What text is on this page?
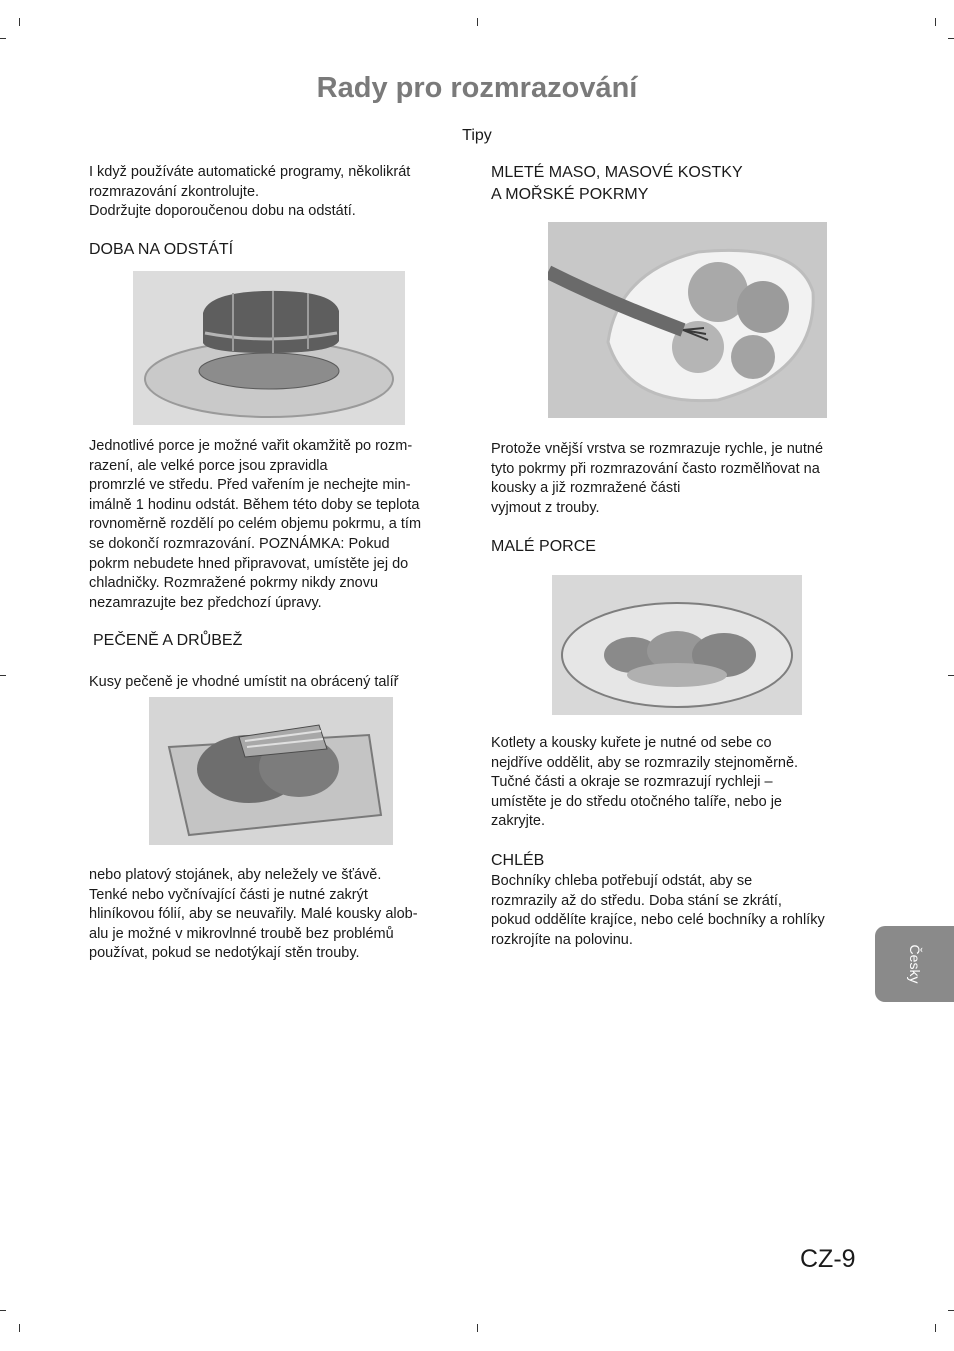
Rady pro rozmrazování
Tipy
I když používáte automatické programy, několikrát
rozmrazování zkontrolujte.
Dodržujte doporoučenou dobu na odstátí.
DOBA NA ODSTÁTÍ
Jednotlivé porce je možné vařit okamžitě po rozm-
razení, ale velké porce jsou zpravidla
promrzlé ve středu. Před vařením je nechejte min-
imálně 1 hodinu odstát. Během této doby se teplota
rovnoměrně rozdělí po celém objemu pokrmu, a tím
se dokončí rozmrazování. POZNÁMKA: Pokud
pokrm nebudete hned připravovat, umístěte jej do
chladničky. Rozmražené pokrmy nikdy znovu
nezamrazujte bez předchozí úpravy.
PEČENĚ A DRŮBEŽ
Kusy pečeně je vhodné umístit na obrácený talíř
nebo platový stojánek, aby neležely ve šťávě.
Tenké nebo vyčnívající části je nutné zakrýt
hliníkovou fólií, aby se neuvařily. Malé kousky alob-
alu je možné v mikrovlnné troubě bez problémů
používat, pokud se nedotýkají stěn trouby.
MLETÉ MASO, MASOVÉ KOSTKY
A MOŘSKÉ POKRMY
Protože vnější vrstva se rozmrazuje rychle, je nutné
tyto pokrmy při rozmrazování často rozmělňovat na
kousky a již rozmražené části
vyjmout z trouby.
MALÉ PORCE
Kotlety a kousky kuřete je nutné od sebe co
nejdříve oddělit, aby se rozmrazily stejnoměrně.
Tučné části a okraje se rozmrazují rychleji –
umístěte je do středu otočného talíře, nebo je
zakryjte.
CHLÉB
Bochníky chleba potřebují odstát, aby se
rozmrazily až do středu. Doba stání se zkrátí,
pokud oddělíte krajíce, nebo celé bochníky a rohlíky
rozkrojíte na polovinu.
Česky
CZ-9
